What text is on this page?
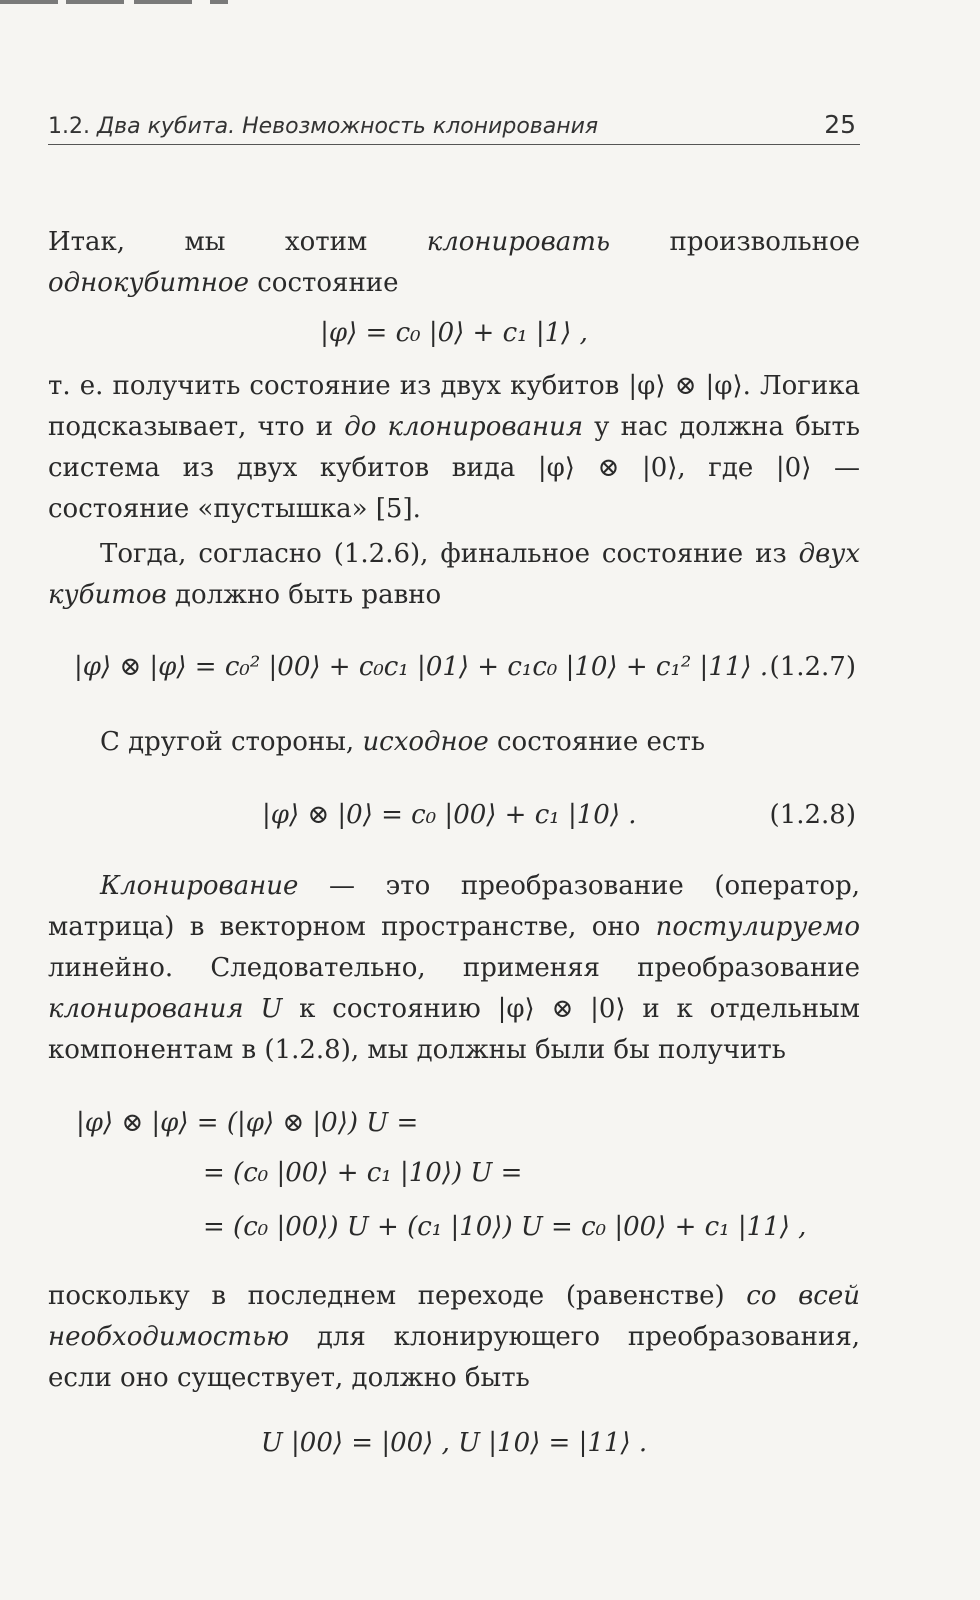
1.2. Два кубита. Невозможность клонирования	25

Итак, мы хотим клонировать произвольное однокубитное состояние

|φ⟩ = c₀ |0⟩ + c₁ |1⟩ ,

т. е. получить состояние из двух кубитов |φ⟩ ⊗ |φ⟩. Логика подсказывает, что и до клонирования у нас должна быть система из двух кубитов вида |φ⟩ ⊗ |0⟩, где |0⟩ — состояние «пустышка» [5].

Тогда, согласно (1.2.6), финальное состояние из двух кубитов должно быть равно

|φ⟩ ⊗ |φ⟩ = c₀² |00⟩ + c₀c₁ |01⟩ + c₁c₀ |10⟩ + c₁² |11⟩ . (1.2.7)

С другой стороны, исходное состояние есть

|φ⟩ ⊗ |0⟩ = c₀ |00⟩ + c₁ |10⟩ .	(1.2.8)

Клонирование — это преобразование (оператор, матрица) в векторном пространстве, оно постулируемо линейно. Следовательно, применяя преобразование клонирования U к состоянию |φ⟩ ⊗ |0⟩ и к отдельным компонентам в (1.2.8), мы должны были бы получить

|φ⟩ ⊗ |φ⟩ = (|φ⟩ ⊗ |0⟩) U =
= (c₀ |00⟩ + c₁ |10⟩) U =
= (c₀ |00⟩) U + (c₁ |10⟩) U = c₀ |00⟩ + c₁ |11⟩ ,

поскольку в последнем переходе (равенстве) со всей необходимостью для клонирующего преобразования, если оно существует, должно быть

U |00⟩ = |00⟩ , U |10⟩ = |11⟩ .
